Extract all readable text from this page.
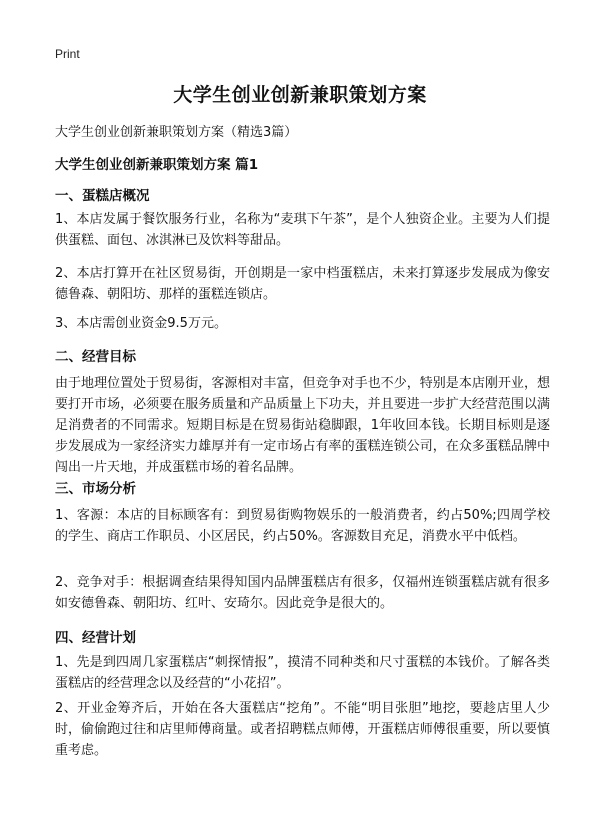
Print
大学生创业创新兼职策划方案
大学生创业创新兼职策划方案（精选3篇）
大学生创业创新兼职策划方案 篇1
一、蛋糕店概况
1、本店发属于餐饮服务行业，名称为“麦琪下午茶”，是个人独资企业。主要为人们提供蛋糕、面包、冰淇淋已及饮料等甜品。
2、本店打算开在社区贸易街，开创期是一家中档蛋糕店，未来打算逐步发展成为像安德鲁森、朝阳坊、那样的蛋糕连锁店。
3、本店需创业资金9.5万元。
二、经营目标
由于地理位置处于贸易街，客源相对丰富，但竞争对手也不少，特别是本店刚开业，想要打开市场，必须要在服务质量和产品质量上下功夫，并且要进一步扩大经营范围以满足消费者的不同需求。短期目标是在贸易街站稳脚跟，1年收回本钱。长期目标则是逐步发展成为一家经济实力雄厚并有一定市场占有率的蛋糕连锁公司，在众多蛋糕品牌中闯出一片天地，并成蛋糕市场的着名品牌。
三、市场分析
1、客源：本店的目标顾客有：到贸易街购物娱乐的一般消费者，约占50%;四周学校的学生、商店工作职员、小区居民，约占50%。客源数目充足，消费水平中低档。
2、竞争对手：根据调查结果得知国内品牌蛋糕店有很多，仅福州连锁蛋糕店就有很多如安德鲁森、朝阳坊、红叶、安琦尔。因此竞争是很大的。
四、经营计划
1、先是到四周几家蛋糕店“刺探情报”，摸清不同种类和尺寸蛋糕的本钱价。了解各类蛋糕店的经营理念以及经营的“小花招”。
2、开业金筹齐后，开始在各大蛋糕店“挖角”。不能“明目张胆”地挖，要趁店里人少时，偷偷跑过往和店里师傅商量。或者招聘糕点师傅，开蛋糕店师傅很重要，所以要慎重考虑。
